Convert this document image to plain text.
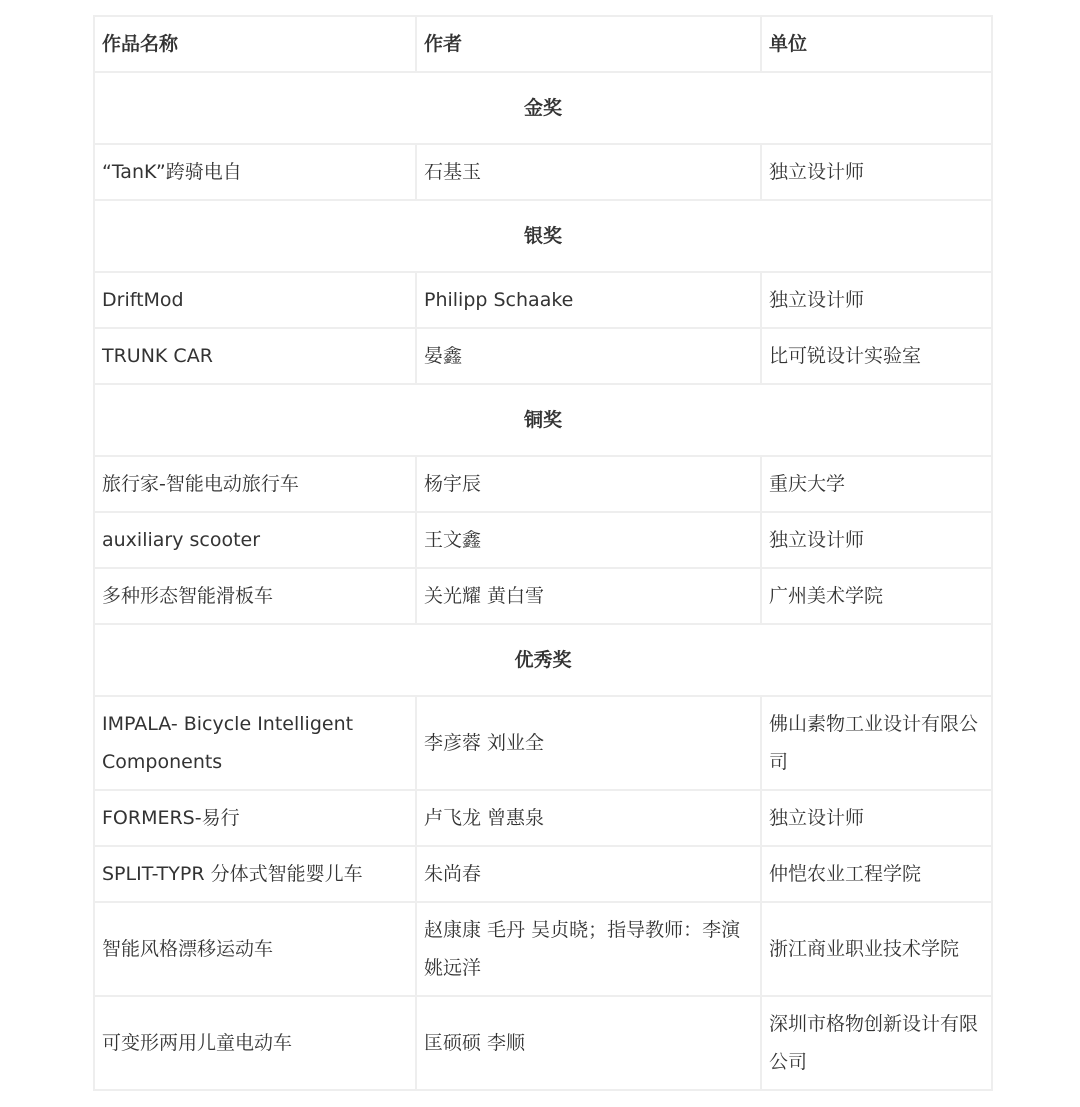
作品名称	作者	单位
金奖		
“TanK”跨骑电自	石基玉	独立设计师
银奖		
DriftMod	Philipp Schaake	独立设计师
TRUNK CAR	晏鑫	比可锐设计实验室
铜奖		
旅行家-智能电动旅行车	杨宇辰	重庆大学
auxiliary scooter	王文鑫	独立设计师
多种形态智能滑板车	关光耀 黄白雪	广州美术学院
优秀奖		
IMPALA- Bicycle Intelligent Components	李彦蓉 刘业全	佛山素物工业设计有限公司
FORMERS-易行	卢飞龙 曾惠泉	独立设计师
SPLIT-TYPR 分体式智能婴儿车	朱尚春	仲恺农业工程学院
智能风格漂移运动车	赵康康 毛丹 吴贞晓；指导教师：李演 姚远洋	浙江商业职业技术学院
可变形两用儿童电动车	匡硕硕 李顺	深圳市格物创新设计有限公司
